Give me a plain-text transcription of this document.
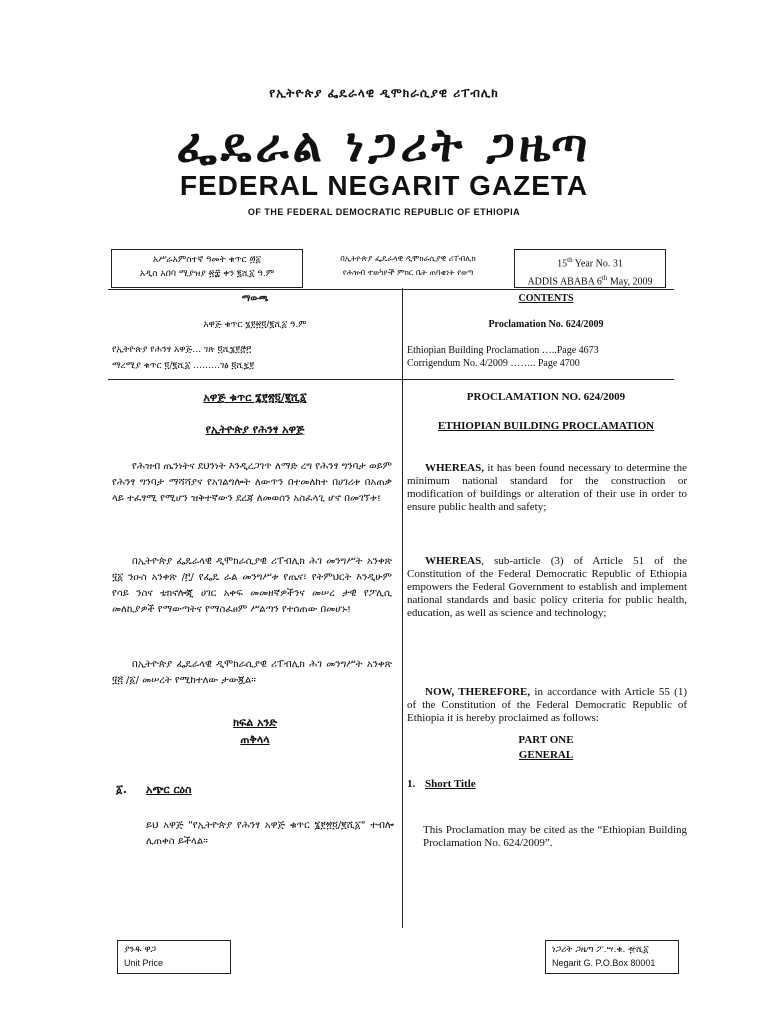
የኢትዮጵያ ፌዴራላዊ ዲሞክራሲያዊ ሪፐብሊክ
ፌዴራል ነጋሪት ጋዜጣ
FEDERAL NEGARIT GAZETA
OF THE FEDERAL DEMOCRATIC REPUBLIC OF ETHIOPIA
አሥራአምስተኛ ዓመት ቁጥር ፴፩
አዲስ አበባ ሚያዝያ ፳፰ ቀን ፪ሺ፩ ዓ.ም
በኢትዮጵያ ፌዴራላዊ ዲሞክራሲያዊ ሪፐብሊክ
የሕዝብ ተወካዮች ምክር ቤት ጠባቂነት የወጣ
15th Year No. 31
ADDIS ABABA 6th May, 2009
ማውጫ
አዋጅ ቁጥር ፮፻፳፬/፪ሺ፩ ዓ.ም
የኢትዮጵያ የሕንፃ አዋጅ… ገጽ ፬ሺ፮፻፸፫
ማረሚያ ቁጥር ፬/፪ሺ፩ ………ገፅ ፬ሺ፯፻
CONTENTS
Proclamation No. 624/2009
Ethiopian Building Proclamation …..Page 4673
Corrigendum No. 4/2009 …….. Page 4700
አዋጅ ቁጥር ፮፻፳፬/፪ሺ፩
የኢትዮጵያ የሕንፃ አዋጅ
የሕዝብ ጤንነትና ደህንነት እንዲረጋገጥ ለማድ ረግ የሕንፃ ግንባታ ወይም የሕንፃ ግንባታ ማሻሻያና የአገልግሎት ለውጥን በተመለከተ በሀገሪቱ በአጠቃ ላይ ተፈፃሚ የሚሆን ዝቅተኛውን ደረጃ ለመወሰን አስፈላጊ ሆኖ በመገኘቱ፤
በኢትዮጵያ ፌዴራላዊ ዲሞክራሲያዊ ሪፐብሊክ ሕገ መንግሥት አንቀጽ ፶፩ ንዑስ አንቀጽ /፫/ የፌዴ ራል መንግሥቱ የጤና፣ የትምህርት እንዲሁም የሳይ ንስና ቴክኖሎጂ ሀገር አቀፍ መመዘኛዎችንና መሠረ ታዊ የፖሊሲ መለኪያዎች የማውጣትና የማስፈፀም ሥልጣን የተሰጠው በመሆኑ፤
በኢትዮጵያ ፌዴራላዊ ዲሞክራሲያዊ ሪፐብሊክ ሕገ መንግሥት አንቀጽ ፶፭ /፩/ መሠረት የሚከተለው ታውጇል።
ክፍል አንድ
ጠቅላላ
፩. አጭር ርዕስ
ይህ አዋጅ "የኢትዮጵያ የሕንፃ አዋጅ ቁጥር ፮፻፳፬/፪ሺ፩" ተብሎ ሊጠቀስ ይችላል።
PROCLAMATION NO. 624/2009
ETHIOPIAN BUILDING PROCLAMATION
WHEREAS, it has been found necessary to determine the minimum national standard for the construction or modification of buildings or alteration of their use in order to ensure public health and safety;
WHEREAS, sub-article (3) of Article 51 of the Constitution of the Federal Democratic Republic of Ethiopia empowers the Federal Government to establish and implement national standards and basic policy criteria for public health, education, as well as science and technology;
NOW, THEREFORE, in accordance with Article 55 (1) of the Constitution of the Federal Democratic Republic of Ethiopia it is hereby proclaimed as follows:
PART ONE
GENERAL
1. Short Title
This Proclamation may be cited as the “Ethiopian Building Proclamation No. 624/2009”.
ያንዱ ዋጋ
Unit Price
ነጋሪት ጋዜጣ ፖ.ሣ.ቁ. ፹ሺ፩
Negarit G. P.O.Box 80001
